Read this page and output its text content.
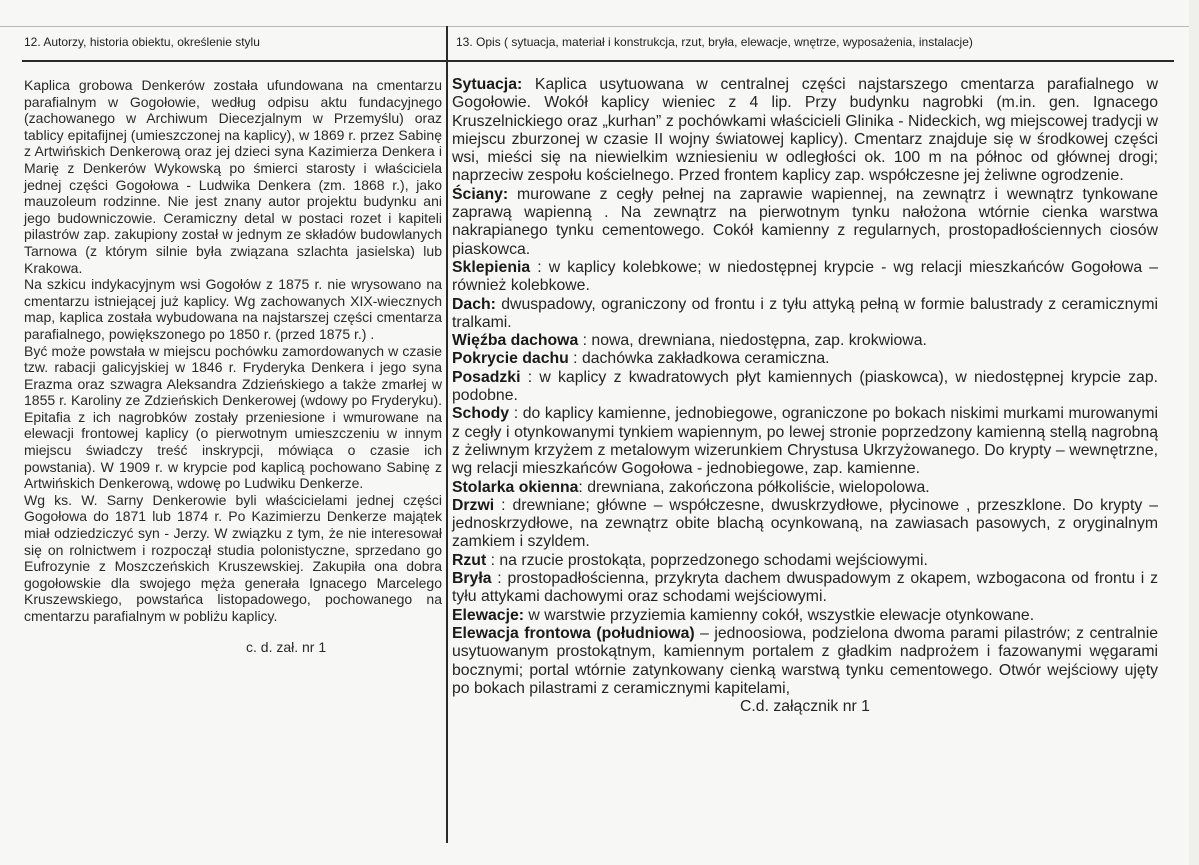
12. Autorzy, historia obiektu, określenie stylu	13. Opis ( sytuacja, materiał i konstrukcja, rzut, bryła, elewacje, wnętrze, wyposażenia, instalacje)

Kaplica grobowa Denkerów została ufundowana na cmentarzu parafialnym w Gogołowie, według odpisu aktu fundacyjnego (zachowanego w Archiwum Diecezjalnym w Przemyślu) oraz tablicy epitafijnej (umieszczonej na kaplicy), w 1869 r. przez Sabinę z Artwińskich Denkerową oraz jej dzieci syna Kazimierza Denkera i Marię z Denkerów Wykowską po śmierci starosty i właściciela jednej części Gogołowa - Ludwika Denkera (zm. 1868 r.), jako mauzoleum rodzinne. Nie jest znany autor projektu budynku ani jego budowniczowie. Ceramiczny detal w postaci rozet i kapiteli pilastrów zap. zakupiony został w jednym ze składów budowlanych Tarnowa (z którym silnie była związana szlachta jasielska) lub Krakowa.

Na szkicu indykacyjnym wsi Gogołów z 1875 r. nie wrysowano na cmentarzu istniejącej już kaplicy. Wg zachowanych XIX-wiecznych map, kaplica została wybudowana na najstarszej części cmentarza parafialnego, powiększonego po 1850 r. (przed 1875 r.) .

Być może powstała w miejscu pochówku zamordowanych w czasie tzw. rabacji galicyjskiej w 1846 r. Fryderyka Denkera i jego syna Erazma oraz szwagra Aleksandra Zdzieńskiego a także zmarłej w 1855 r. Karoliny ze Zdzieńskich Denkerowej (wdowy po Fryderyku). Epitafia z ich nagrobków zostały przeniesione i wmurowane na elewacji frontowej kaplicy (o pierwotnym umieszczeniu w innym miejscu świadczy treść inskrypcji, mówiąca o czasie ich powstania). W 1909 r. w krypcie pod kaplicą pochowano Sabinę z Artwińskich Denkerową, wdowę po Ludwiku Denkerze.

Wg ks. W. Sarny Denkerowie byli właścicielami jednej części Gogołowa do 1871 lub 1874 r. Po Kazimierzu Denkerze majątek miał odziedziczyć syn - Jerzy. W związku z tym, że nie interesował się on rolnictwem i rozpoczął studia polonistyczne, sprzedano go Eufrozynie z Moszczeńskich Kruszewskiej. Zakupiła ona dobra gogołowskie dla swojego męża generała Ignacego Marcelego Kruszewskiego, powstańca listopadowego, pochowanego na cmentarzu parafialnym w pobliżu kaplicy.

c. d. zał. nr 1

Sytuacja: Kaplica usytuowana w centralnej części najstarszego cmentarza parafialnego w Gogołowie. Wokół kaplicy wieniec z 4 lip. Przy budynku nagrobki (m.in. gen. Ignacego Kruszelnickiego oraz „kurhan” z pochówkami właścicieli Glinika - Nideckich, wg miejscowej tradycji w miejscu zburzonej w czasie II wojny światowej kaplicy). Cmentarz znajduje się w środkowej części wsi, mieści się na niewielkim wzniesieniu w odległości ok. 100 m na północ od głównej drogi; naprzeciw zespołu kościelnego. Przed frontem kaplicy zap. współczesne jej żeliwne ogrodzenie.

Ściany: murowane z cegły pełnej na zaprawie wapiennej, na zewnątrz i wewnątrz tynkowane zaprawą wapienną . Na zewnątrz na pierwotnym tynku nałożona wtórnie cienka warstwa nakrapianego tynku cementowego. Cokół kamienny z regularnych, prostopadłościennych ciosów piaskowca.

Sklepienia : w kaplicy kolebkowe; w niedostępnej krypcie - wg relacji mieszkańców Gogołowa – również kolebkowe.

Dach: dwuspadowy, ograniczony od frontu i z tyłu attyką pełną w formie balustrady z ceramicznymi tralkami.

Więźba dachowa : nowa, drewniana, niedostępna, zap. krokwiowa.

Pokrycie dachu : dachówka zakładkowa ceramiczna.

Posadzki : w kaplicy z kwadratowych płyt kamiennych (piaskowca), w niedostępnej krypcie zap. podobne.

Schody : do kaplicy kamienne, jednobiegowe, ograniczone po bokach niskimi murkami murowanymi z cegły i otynkowanymi tynkiem wapiennym, po lewej stronie poprzedzony kamienną stellą nagrobną z żeliwnym krzyżem z metalowym wizerunkiem Chrystusa Ukrzyżowanego. Do krypty – wewnętrzne, wg relacji mieszkańców Gogołowa - jednobiegowe, zap. kamienne.

Stolarka okienna: drewniana, zakończona półkoliście, wielopolowa.

Drzwi : drewniane; główne – współczesne, dwuskrzydłowe, płycinowe , przeszklone. Do krypty – jednoskrzydłowe, na zewnątrz obite blachą ocynkowaną, na zawiasach pasowych, z oryginalnym zamkiem i szyldem.

Rzut : na rzucie prostokąta, poprzedzonego schodami wejściowymi.

Bryła : prostopadłościenna, przykryta dachem dwuspadowym z okapem, wzbogacona od frontu i z tyłu attykami dachowymi oraz schodami wejściowymi.

Elewacje: w warstwie przyziemia kamienny cokół, wszystkie elewacje otynkowane.

Elewacja frontowa (południowa) – jednoosiowa, podzielona dwoma parami pilastrów; z centralnie usytuowanym prostokątnym, kamiennym portalem z gładkim nadprożem i fazowanymi węgarami bocznymi; portal wtórnie zatynkowany cienką warstwą tynku cementowego. Otwór wejściowy ujęty po bokach pilastrami z ceramicznymi kapitelami,

C.d. załącznik nr 1
